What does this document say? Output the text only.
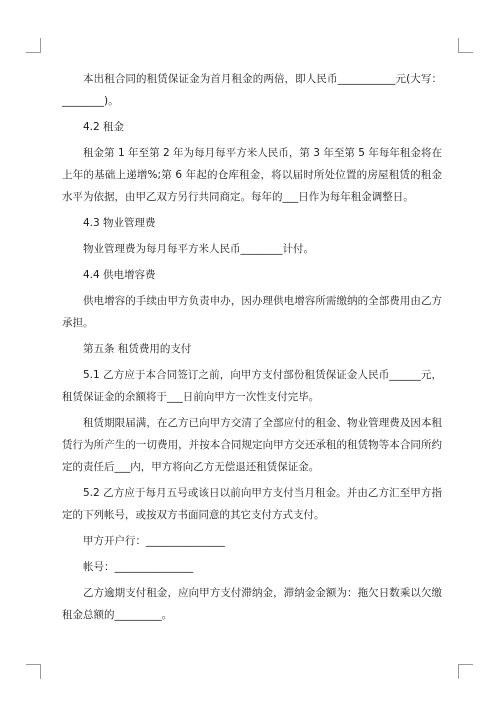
本出租合同的租赁保证金为首月租金的两倍，即人民币___________元(大写：________)。

4.2 租金

租金第 1 年至第 2 年为每月每平方米人民币，第 3 年至第 5 年每年租金将在上年的基础上递增%;第 6 年起的仓库租金，将以届时所处位置的房屋租赁的租金水平为依据，由甲乙双方另行共同商定。每年的___日作为每年租金调整日。

4.3 物业管理费

物业管理费为每月每平方米人民币________计付。

4.4 供电增容费

供电增容的手续由甲方负责申办，因办理供电增容所需缴纳的全部费用由乙方承担。

第五条 租赁费用的支付

5.1 乙方应于本合同签订之前，向甲方支付部份租赁保证金人民币______元，租赁保证金的余额将于___日前向甲方一次性支付完毕。

租赁期限届满，在乙方已向甲方交清了全部应付的租金、物业管理费及因本租赁行为所产生的一切费用，并按本合同规定向甲方交还承租的租赁物等本合同所约定的责任后___内，甲方将向乙方无偿退还租赁保证金。

5.2 乙方应于每月五号或该日以前向甲方支付当月租金。并由乙方汇至甲方指定的下列帐号，或按双方书面同意的其它支付方式支付。

甲方开户行：_______________

帐号：_______________

乙方逾期支付租金，应向甲方支付滞纳金，滞纳金金额为：拖欠日数乘以欠缴租金总额的_________。
